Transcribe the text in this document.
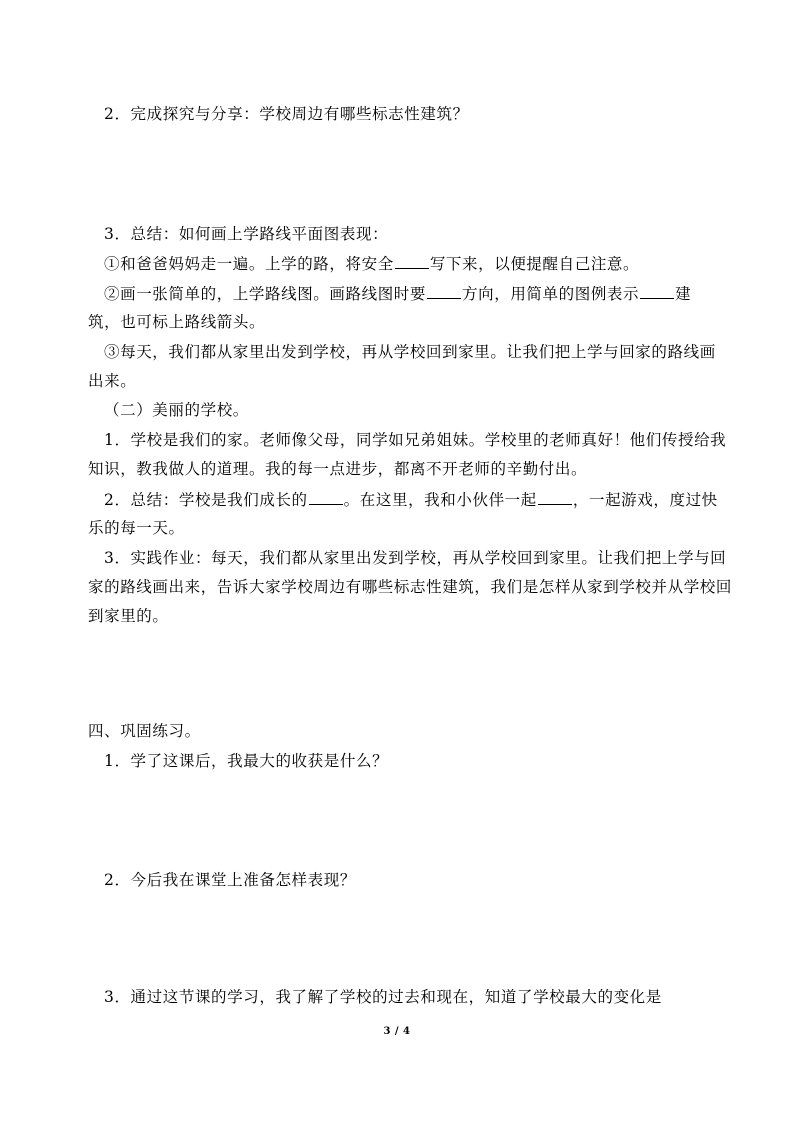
2．完成探究与分享：学校周边有哪些标志性建筑？
3．总结：如何画上学路线平面图表现：
①和爸爸妈妈走一遍。上学的路，将安全 写下来，以便提醒自己注意。
②画一张简单的，上学路线图。画路线图时要 方向，用简单的图例表示 建
筑，也可标上路线箭头。
③每天，我们都从家里出发到学校，再从学校回到家里。让我们把上学与回家的路线画
出来。
（二）美丽的学校。
1．学校是我们的家。老师像父母，同学如兄弟姐妹。学校里的老师真好！他们传授给我
知识，教我做人的道理。我的每一点进步，都离不开老师的辛勤付出。
2．总结：学校是我们成长的 。在这里，我和小伙伴一起 ，一起游戏，度过快
乐的每一天。
3．实践作业：每天，我们都从家里出发到学校，再从学校回到家里。让我们把上学与回
家的路线画出来，告诉大家学校周边有哪些标志性建筑，我们是怎样从家到学校并从学校回
到家里的。
四、巩固练习。
1．学了这课后，我最大的收获是什么？
2．今后我在课堂上准备怎样表现？
3．通过这节课的学习，我了解了学校的过去和现在，知道了学校最大的变化是
3 / 4
